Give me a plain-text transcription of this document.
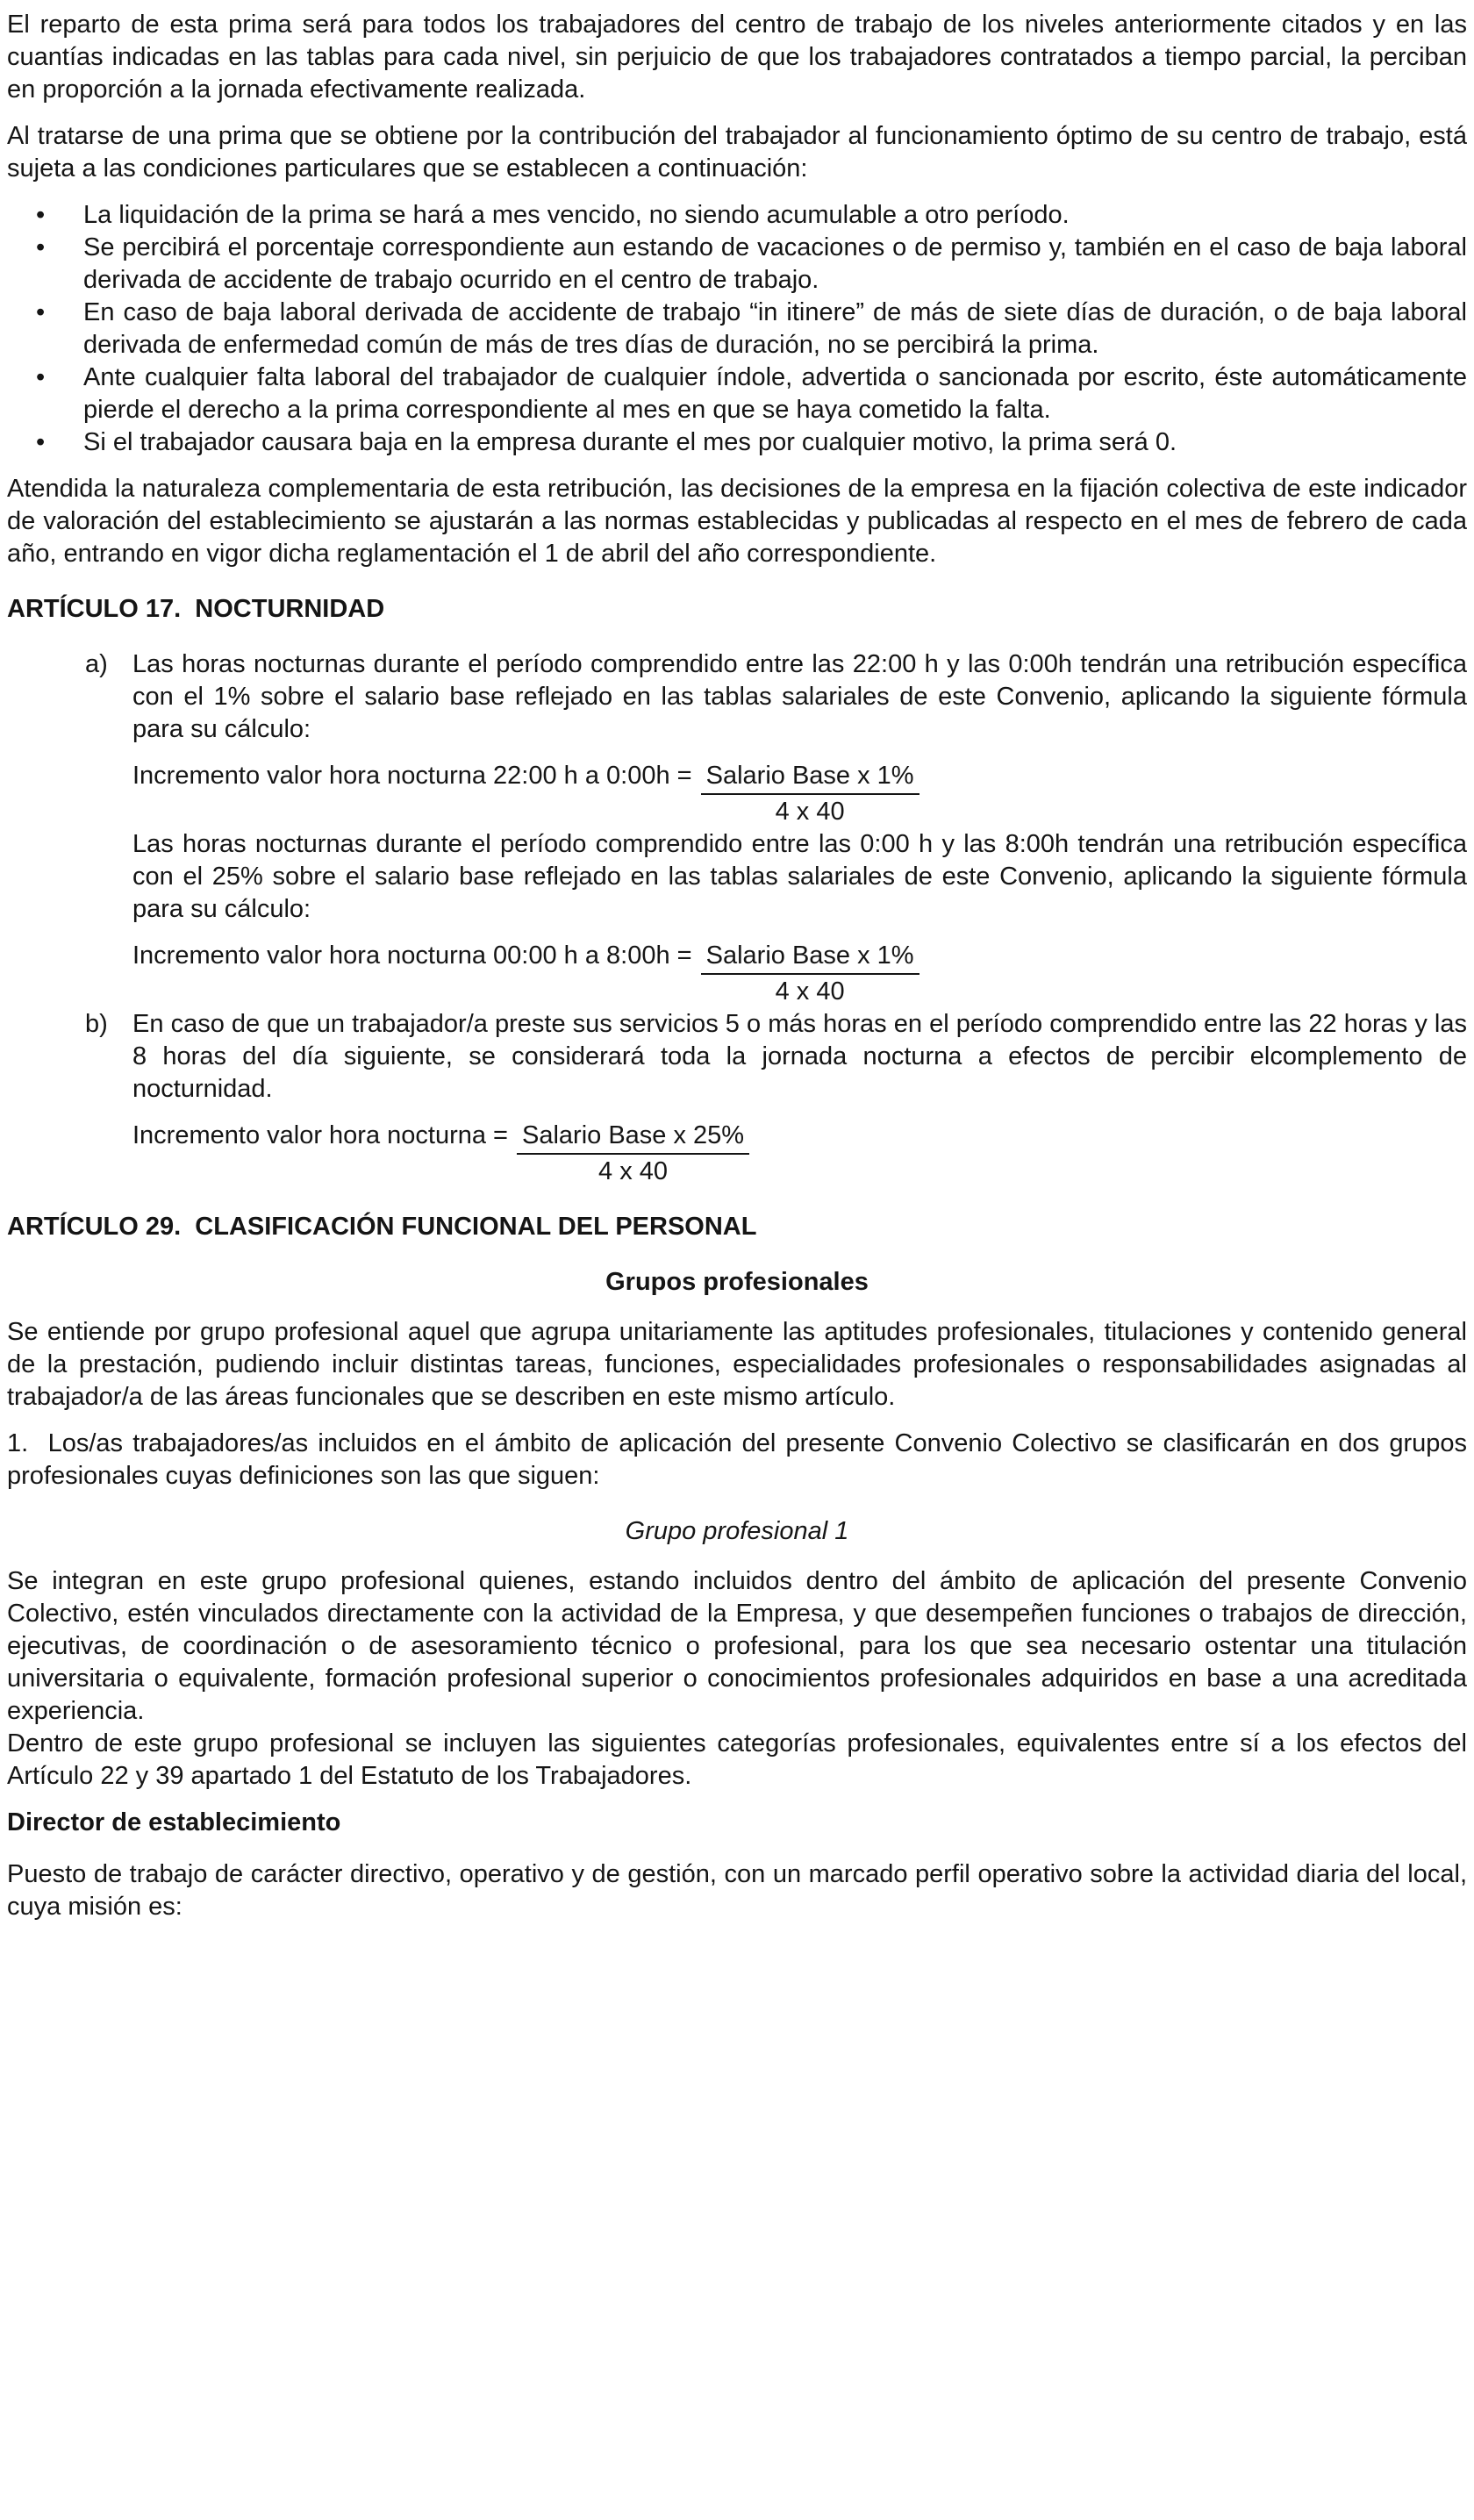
El reparto de esta prima será para todos los trabajadores del centro de trabajo de los niveles anteriormente citados y en las cuantías indicadas en las tablas para cada nivel, sin perjuicio de que los trabajadores contratados a tiempo parcial, la perciban en proporción a la jornada efectivamente realizada.

Al tratarse de una prima que se obtiene por la contribución del trabajador al funcionamiento óptimo de su centro de trabajo, está sujeta a las condiciones particulares que se establecen a continuación:

•	La liquidación de la prima se hará a mes vencido, no siendo acumulable a otro período.
•	Se percibirá el porcentaje correspondiente aun estando de vacaciones o de permiso y, también en el caso de baja laboral derivada de accidente de trabajo ocurrido en el centro de trabajo.
•	En caso de baja laboral derivada de accidente de trabajo “in itinere” de más de siete días de duración, o de baja laboral derivada de enfermedad común de más de tres días de duración, no se percibirá la prima.
•	Ante cualquier falta laboral del trabajador de cualquier índole, advertida o sancionada por escrito, éste automáticamente pierde el derecho a la prima correspondiente al mes en que se haya cometido la falta.
•	Si el trabajador causara baja en la empresa durante el mes por cualquier motivo, la prima será 0.

Atendida la naturaleza complementaria de esta retribución, las decisiones de la empresa en la fijación colectiva de este indicador de valoración del establecimiento se ajustarán a las normas establecidas y publicadas al respecto en el mes de febrero de cada año, entrando en vigor dicha reglamentación el 1 de abril del año correspondiente.

ARTÍCULO 17.  NOCTURNIDAD
a) Las horas nocturnas durante el período comprendido entre las 22:00 h y las 0:00h tendrán una retribución específica con el 1% sobre el salario base reflejado en las tablas salariales de este Convenio, aplicando la siguiente fórmula para su cálculo:

Incremento valor hora nocturna 22:00 h a 0:00h = $\frac{\text{Salario Base x 1\%}}{4 x 40}$

Las horas nocturnas durante el período comprendido entre las 0:00 h y las 8:00h tendrán una retribución específica con el 25% sobre el salario base reflejado en las tablas salariales de este Convenio, aplicando la siguiente fórmula para su cálculo:

Incremento valor hora nocturna 00:00 h a 8:00h = $\frac{\text{Salario Base x 1\%}}{4 x 40}$
b) En caso de que un trabajador/a preste sus servicios 5 o más horas en el período comprendido entre las 22 horas y las 8 horas del día siguiente, se considerará toda la jornada nocturna a efectos de percibir elcomplemento de nocturnidad.

Incremento valor hora nocturna = $\frac{\text{Salario Base x 25\%}}{4 x 40}$
ARTÍCULO 29.  CLASIFICACIÓN FUNCIONAL DEL PERSONAL

Grupos profesionales

Se entiende por grupo profesional aquel que agrupa unitariamente las aptitudes profesionales, titulaciones y contenido general de la prestación, pudiendo incluir distintas tareas, funciones, especialidades profesionales o responsabilidades asignadas al trabajador/a de las áreas funcionales que se describen en este mismo artículo.

1.  Los/as trabajadores/as incluidos en el ámbito de aplicación del presente Convenio Colectivo se clasificarán en dos grupos profesionales cuyas definiciones son las que siguen:

Grupo profesional 1

Se integran en este grupo profesional quienes, estando incluidos dentro del ámbito de aplicación del presente Convenio Colectivo, estén vinculados directamente con la actividad de la Empresa, y que desempeñen funciones o trabajos de dirección, ejecutivas, de coordinación o de asesoramiento técnico o profesional, para los que sea necesario ostentar una titulación universitaria o equivalente, formación profesional superior o conocimientos profesionales adquiridos en base a una acreditada experiencia.

Dentro de este grupo profesional se incluyen las siguientes categorías profesionales, equivalentes entre sí a los efectos del Artículo 22 y 39 apartado 1 del Estatuto de los Trabajadores.

Director de establecimiento

Puesto de trabajo de carácter directivo, operativo y de gestión, con un marcado perfil operativo sobre la actividad diaria del local, cuya misión es:
